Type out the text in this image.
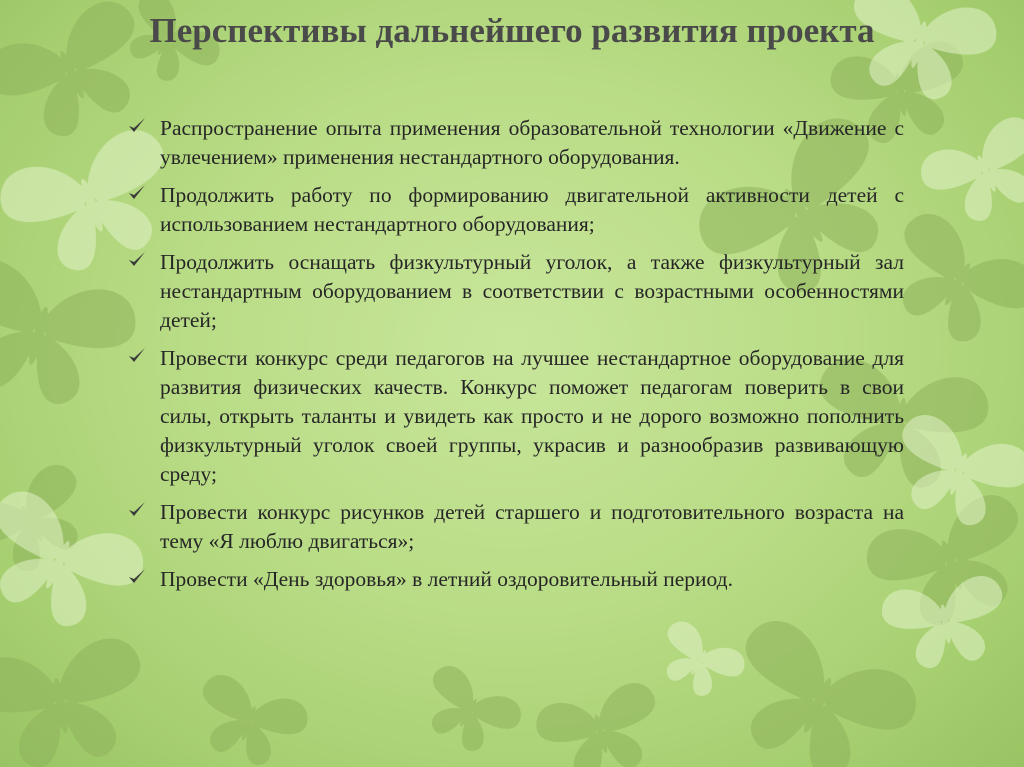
Перспективы дальнейшего развития проекта
Распространение опыта применения образовательной технологии «Движение с увлечением» применения нестандартного оборудования.
Продолжить работу по формированию двигательной активности детей с использованием нестандартного оборудования;
Продолжить оснащать физкультурный уголок, а также физкультурный зал нестандартным оборудованием в соответствии с возрастными особенностями детей;
Провести конкурс среди педагогов на лучшее нестандартное оборудование для развития физических качеств. Конкурс поможет педагогам поверить в свои силы, открыть таланты и увидеть как просто и не дорого возможно пополнить физкультурный уголок своей группы, украсив и разнообразив развивающую среду;
Провести конкурс рисунков детей старшего и подготовительного возраста на тему «Я люблю двигаться»;
Провести «День здоровья» в летний оздоровительный период.
